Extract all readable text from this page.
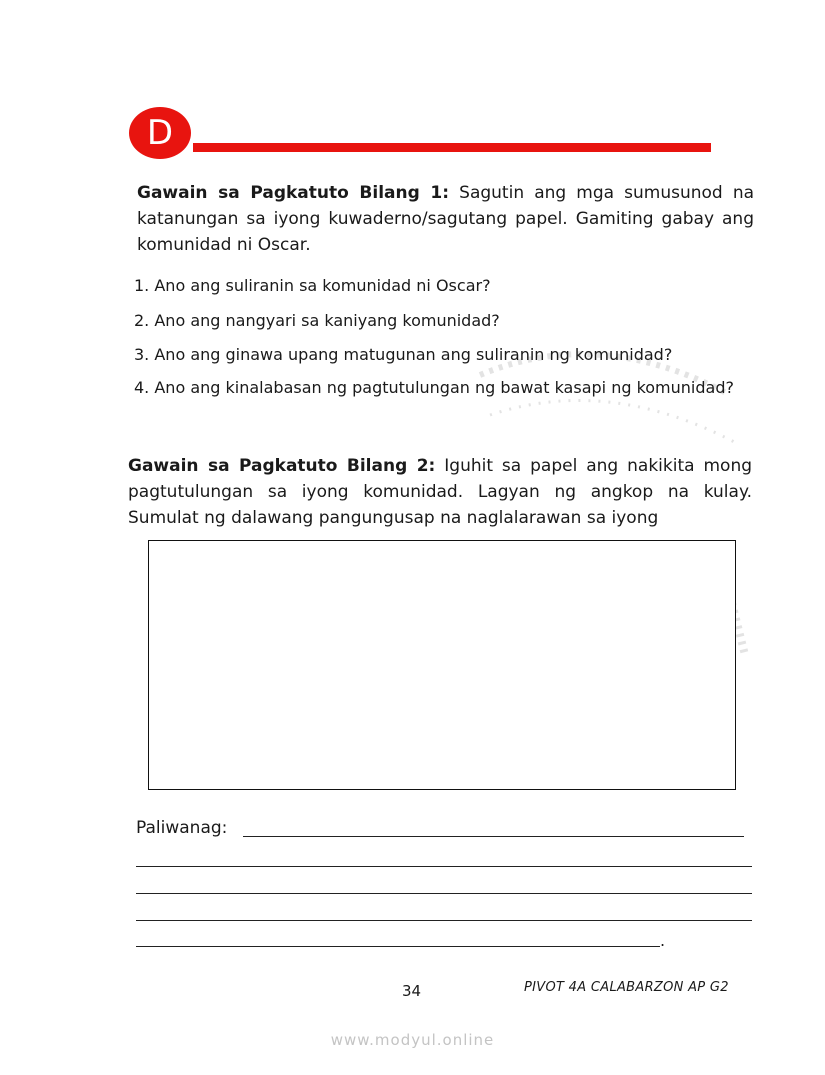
D
Gawain sa Pagkatuto Bilang 1: Sagutin ang mga sumusunod na katanungan sa iyong kuwaderno/sagutang papel. Gamiting gabay ang komunidad ni Oscar.
1. Ano ang suliranin sa komunidad ni Oscar?
2. Ano ang nangyari sa kaniyang komunidad?
3. Ano ang ginawa upang matugunan ang suliranin ng komunidad?
4. Ano ang kinalabasan ng pagtutulungan ng bawat kasapi ng komunidad?
Gawain sa Pagkatuto Bilang 2: Iguhit sa papel ang nakikita mong pagtutulungan sa iyong komunidad. Lagyan ng angkop na kulay. Sumulat ng dalawang pangungusap na naglalarawan sa iyong
Paliwanag:
.
34	PIVOT 4A CALABARZON AP G2
www.modyul.online
